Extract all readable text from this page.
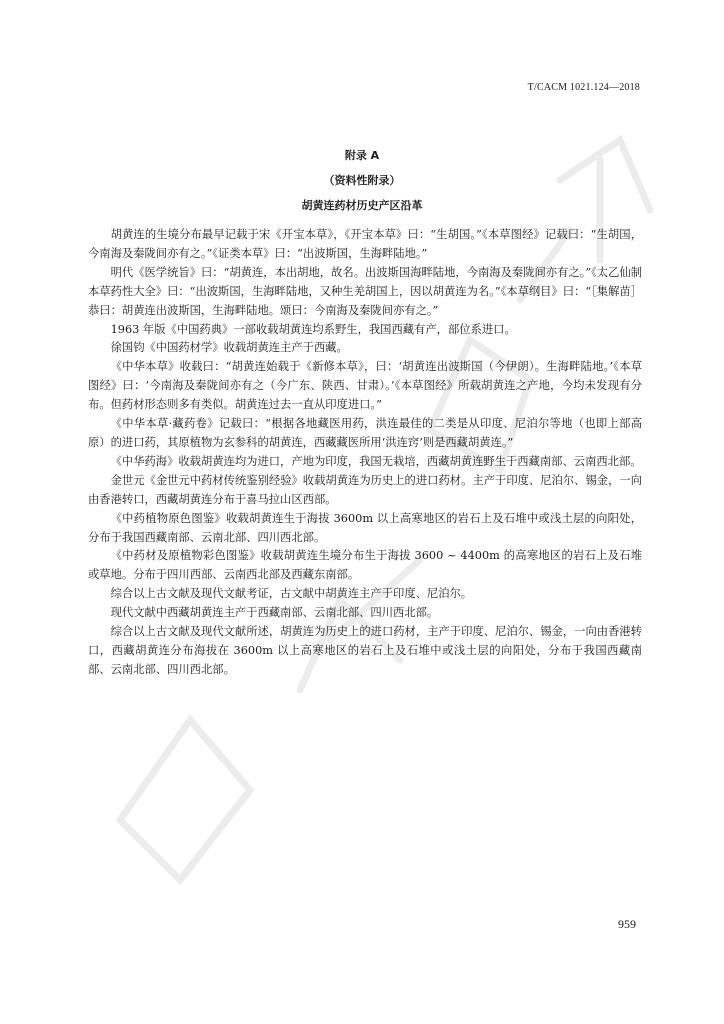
T/CACM 1021.124—2018
附录 A
（资料性附录）
胡黄连药材历史产区沿革

胡黄连的生境分布最早记载于宋《开宝本草》，《开宝本草》曰：“生胡国。”《本草图经》记载曰：“生胡国，今南海及秦陇间亦有之。”《证类本草》曰：“出波斯国，生海畔陆地。”

明代《医学统旨》曰：“胡黄连，本出胡地，故名。出波斯国海畔陆地，今南海及秦陇间亦有之。”《太乙仙制本草药性大全》曰：“出波斯国，生海畔陆地，又种生羌胡国上，因以胡黄连为名。”《本草纲目》曰：“［集解苗］恭曰：胡黄连出波斯国，生海畔陆地。颂曰：今南海及秦陇间亦有之。”

1963 年版《中国药典》一部收载胡黄连均系野生，我国西藏有产，部位系进口。

徐国钧《中国药材学》收载胡黄连主产于西藏。

《中华本草》收载曰：“胡黄连始载于《新修本草》，曰：‘胡黄连出波斯国（今伊朗）。生海畔陆地。’《本草图经》曰：‘今南海及秦陇间亦有之（今广东、陕西、甘肃）。’《本草图经》所载胡黄连之产地，今均未发现有分布。但药材形态则多有类似。胡黄连过去一直从印度进口。”

《中华本草·藏药卷》记载曰：“根据各地藏医用药，洪连最佳的二类是从印度、尼泊尔等地（也即上部高原）的进口药，其原植物为玄参科的胡黄连，西藏藏医所用‘洪连窍’则是西藏胡黄连。”

《中华药海》收载胡黄连均为进口，产地为印度，我国无栽培，西藏胡黄连野生于西藏南部、云南西北部。

金世元《金世元中药材传统鉴别经验》收载胡黄连为历史上的进口药材。主产于印度、尼泊尔、锡金，一向由香港转口，西藏胡黄连分布于喜马拉山区西部。

《中药植物原色图鉴》收载胡黄连生于海拔 3600m 以上高寒地区的岩石上及石堆中或浅土层的向阳处，分布于我国西藏南部、云南北部、四川西北部。

《中药材及原植物彩色图鉴》收载胡黄连生境分布生于海拔 3600 ~ 4400m 的高寒地区的岩石上及石堆或草地。分布于四川西部、云南西北部及西藏东南部。

综合以上古文献及现代文献考证，古文献中胡黄连主产于印度、尼泊尔。

现代文献中西藏胡黄连主产于西藏南部、云南北部、四川西北部。

综合以上古文献及现代文献所述，胡黄连为历史上的进口药材，主产于印度、尼泊尔、锡金，一向由香港转口，西藏胡黄连分布海拔在 3600m 以上高寒地区的岩石上及石堆中或浅土层的向阳处，分布于我国西藏南部、云南北部、四川西北部。

959
